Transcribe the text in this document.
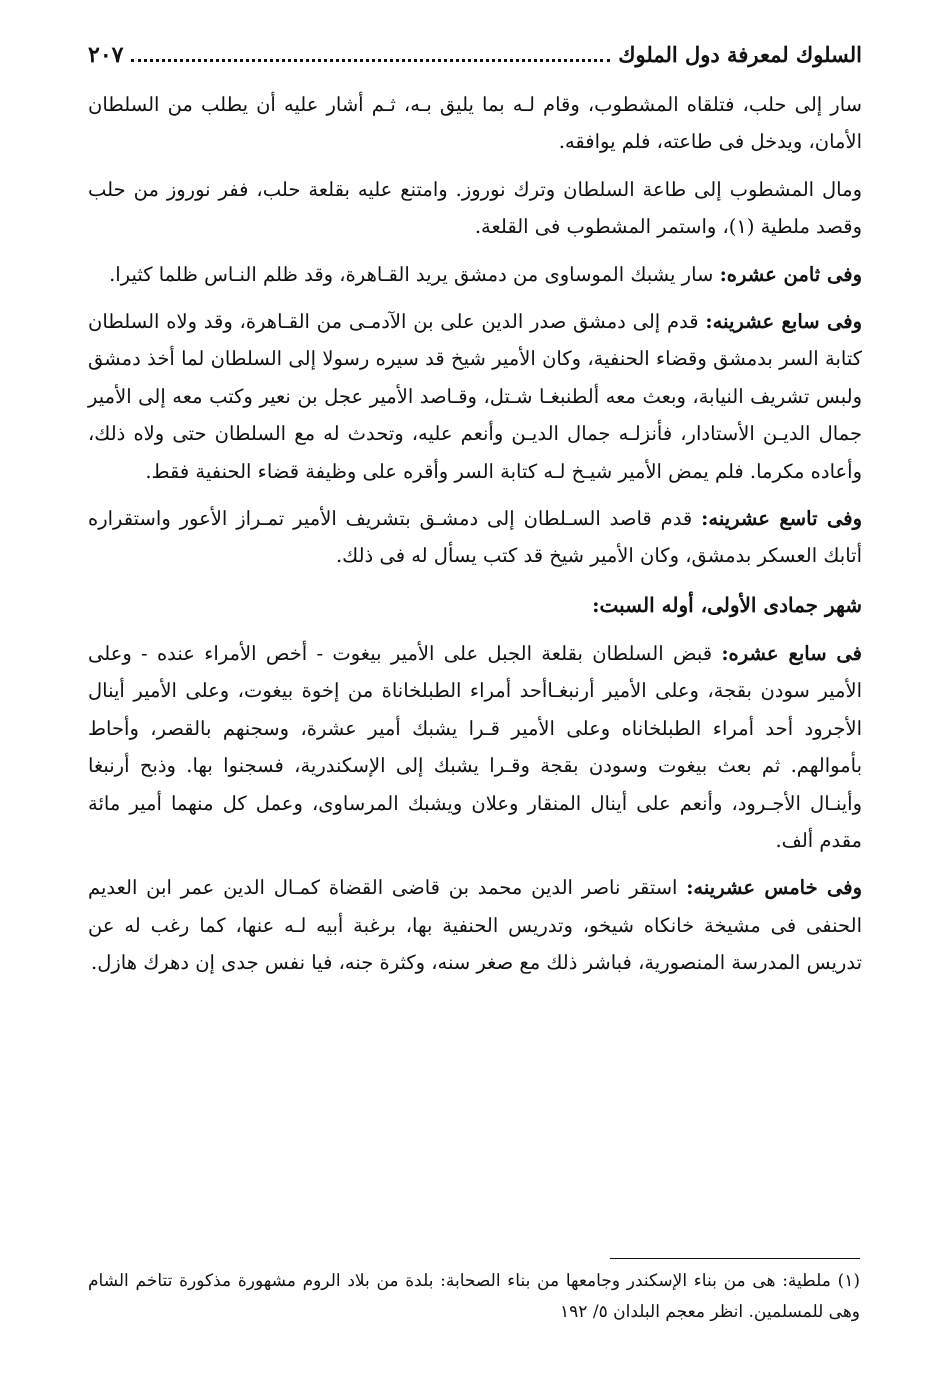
السلوك لمعرفة دول الملوك
٢٠٧

سار إلى حلب، فتلقاه المشطوب، وقام لـه بما يليق بـه، ثـم أشار عليه أن يطلب من السلطان الأمان، ويدخل فى طاعته، فلم يوافقه.

ومال المشطوب إلى طاعة السلطان وترك نوروز. وامتنع عليه بقلعة حلب، ففر نوروز من حلب وقصد ملطية (١)، واستمر المشطوب فى القلعة.

وفى ثامن عشره: سار يشبك الموساوى من دمشق يريد القـاهرة، وقد ظلم النـاس ظلما كثيرا.

وفى سابع عشرينه: قدم إلى دمشق صدر الدين على بن الآدمـى من القـاهرة، وقد ولاه السلطان كتابة السر بدمشق وقضاء الحنفية، وكان الأمير شيخ قد سيره رسولا إلى السلطان لما أخذ دمشق ولبس تشريف النيابة، وبعث معه ألطنبغـا شـتل، وقـاصد الأمير عجل بن نعير وكتب معه إلى الأمير جمال الديـن الأستادار، فأنزلـه جمال الديـن وأنعم عليه، وتحدث له مع السلطان حتى ولاه ذلك، وأعاده مكرما. فلم يمض الأمير شيـخ لـه كتابة السر وأقره على وظيفة قضاء الحنفية فقط.

وفى تاسع عشرينه: قدم قاصد السـلطان إلى دمشـق بتشريف الأمير تمـراز الأعور واستقراره أتابك العسكر بدمشق، وكان الأمير شيخ قد كتب يسأل له فى ذلك.

شهر جمادى الأولى، أوله السبت:

فى سابع عشره: قبض السلطان بقلعة الجبل على الأمير بيغوت - أخص الأمراء عنده - وعلى الأمير سودن بقجة، وعلى الأمير أرنبغـاأحد أمراء الطبلخاناة من إخوة بيغوت، وعلى الأمير أينال الأجرود أحد أمراء الطبلخاناه وعلى الأمير قـرا يشبك أمير عشرة، وسجنهم بالقصر، وأحاط بأموالهم. ثم بعث بيغوت وسودن بقجة وقـرا يشبك إلى الإسكندرية، فسجنوا بها. وذبح أرنبغا وأينـال الأجـرود، وأنعم على أينال المنقار وعلان ويشبك المرساوى، وعمل كل منهما أمير مائة مقدم ألف.

وفى خامس عشرينه: استقر ناصر الدين محمد بن قاضى القضاة كمـال الدين عمر ابن العديم الحنفى فى مشيخة خانكاه شيخو، وتدريس الحنفية بها، برغبة أبيه لـه عنها، كما رغب له عن تدريس المدرسة المنصورية، فباشر ذلك مع صغر سنه، وكثرة جنه، فيا نفس جدى إن دهرك هازل.

(١) ملطية: هى من بناء الإسكندر وجامعها من بناء الصحابة: بلدة من بلاد الروم مشهورة مذكورة تتاخم الشام وهى للمسلمين. انظر معجم البلدان ٥/ ١٩٢
